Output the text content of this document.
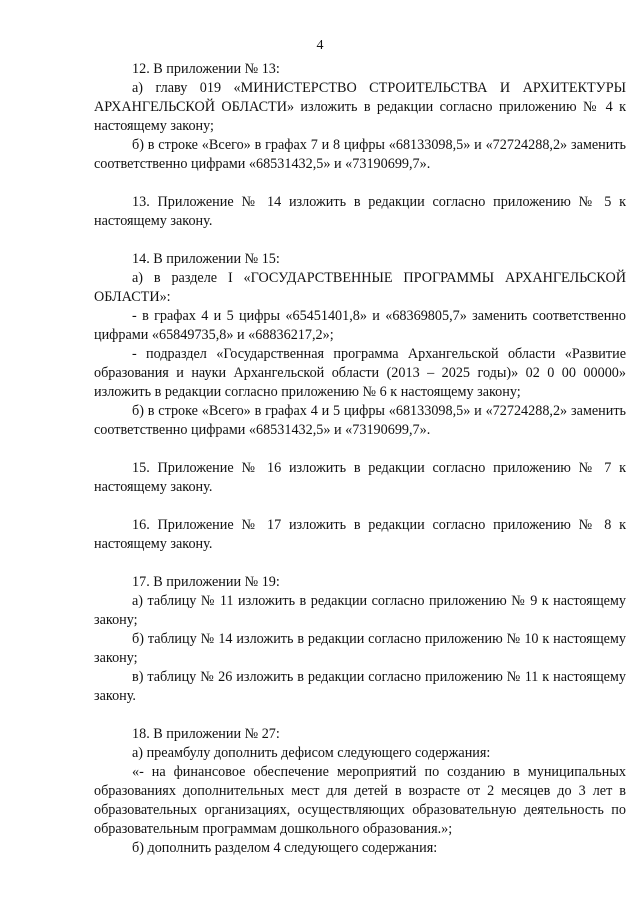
4

12. В приложении № 13:

а) главу 019 «МИНИСТЕРСТВО СТРОИТЕЛЬСТВА И АРХИТЕКТУРЫ АРХАНГЕЛЬСКОЙ ОБЛАСТИ» изложить в редакции согласно приложению № 4 к настоящему закону;

б) в строке «Всего» в графах 7 и 8 цифры «68133098,5» и «72724288,2» заменить соответственно цифрами «68531432,5» и «73190699,7».

13. Приложение № 14 изложить в редакции согласно приложению № 5 к настоящему закону.

14. В приложении № 15:

а) в разделе I «ГОСУДАРСТВЕННЫЕ ПРОГРАММЫ АРХАНГЕЛЬСКОЙ ОБЛАСТИ»:

- в графах 4 и 5 цифры «65451401,8» и «68369805,7» заменить соответственно цифрами «65849735,8» и «68836217,2»;

- подраздел «Государственная программа Архангельской области «Развитие образования и науки Архангельской области (2013 – 2025 годы)» 02 0 00 00000» изложить в редакции согласно приложению № 6 к настоящему закону;

б) в строке «Всего» в графах 4 и 5 цифры «68133098,5» и «72724288,2» заменить соответственно цифрами «68531432,5» и «73190699,7».

15. Приложение № 16 изложить в редакции согласно приложению № 7 к настоящему закону.

16. Приложение № 17 изложить в редакции согласно приложению № 8 к настоящему закону.

17. В приложении № 19:

а) таблицу № 11 изложить в редакции согласно приложению № 9 к настоящему закону;

б) таблицу № 14 изложить в редакции согласно приложению № 10 к настоящему закону;

в) таблицу № 26 изложить в редакции согласно приложению № 11 к настоящему закону.

18. В приложении № 27:

а) преамбулу дополнить дефисом следующего содержания:

«- на финансовое обеспечение мероприятий по созданию в муниципальных образованиях дополнительных мест для детей в возрасте от 2 месяцев до 3 лет в образовательных организациях, осуществляющих образовательную деятельность по образовательным программам дошкольного образования.»;

б) дополнить разделом 4 следующего содержания:
